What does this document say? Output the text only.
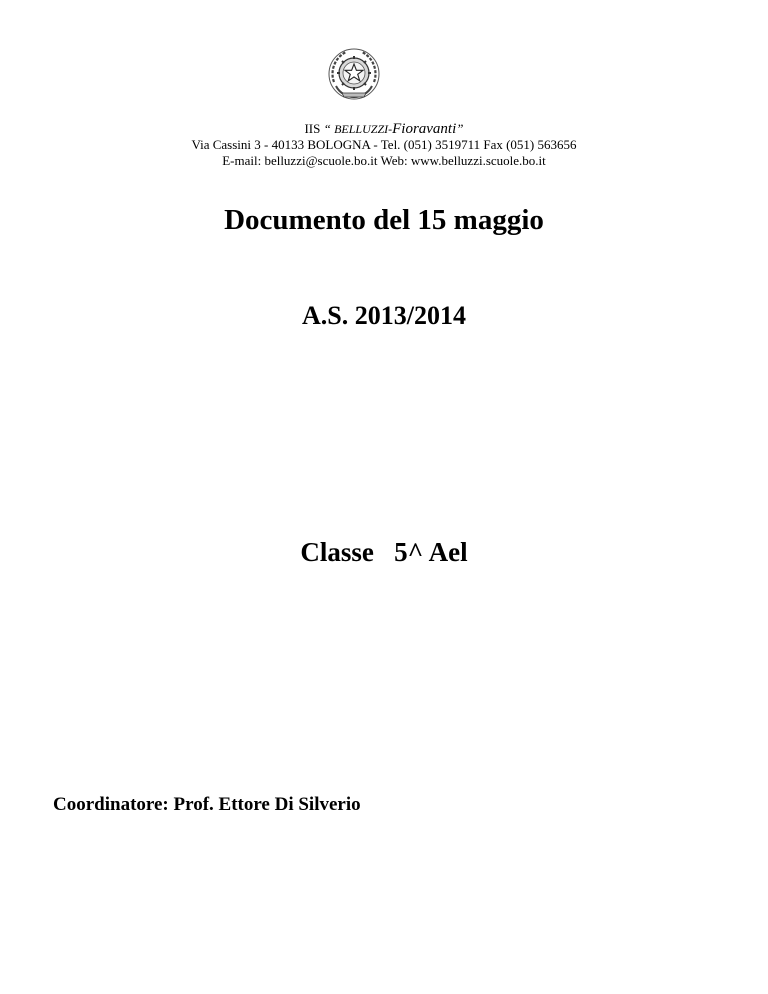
IIS “ BELLUZZI-Fioravanti”
Via Cassini 3 - 40133 BOLOGNA - Tel. (051) 3519711 Fax (051) 563656
E-mail: belluzzi@scuole.bo.it Web: www.belluzzi.scuole.bo.it
Documento del 15 maggio
A.S. 2013/2014
Classe 5^ Ael
Coordinatore: Prof. Ettore Di Silverio
